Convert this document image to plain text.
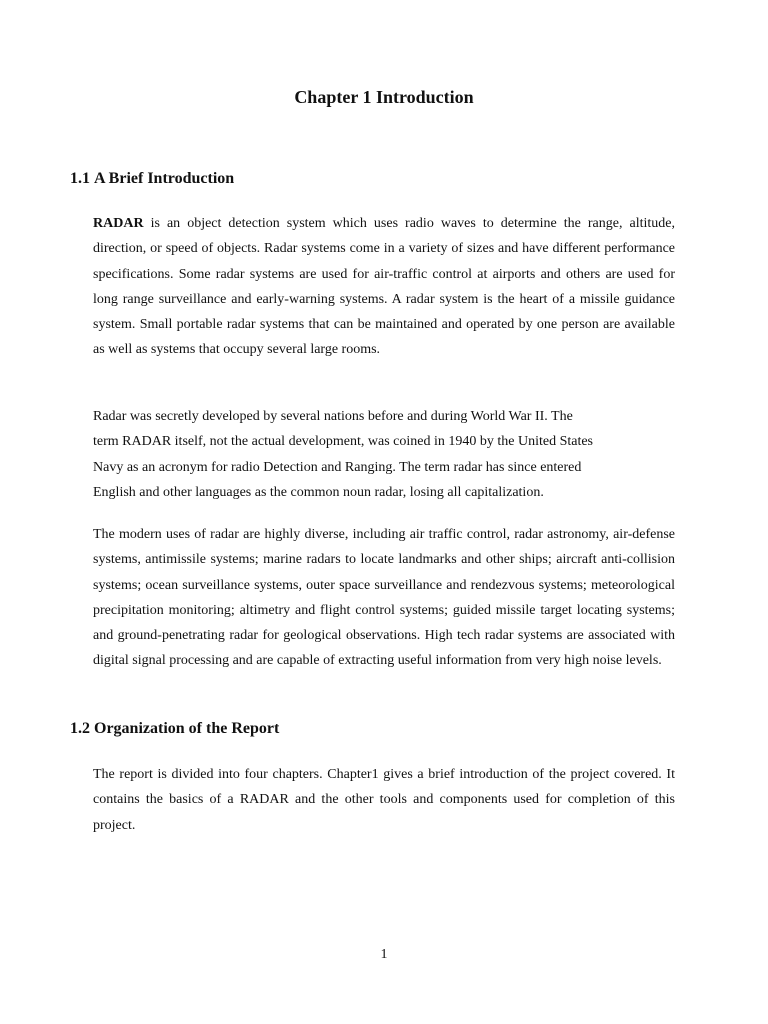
Chapter 1 Introduction
1.1 A Brief Introduction

RADAR is an object detection system which uses radio waves to determine the range, altitude, direction, or speed of objects. Radar systems come in a variety of sizes and have different performance specifications. Some radar systems are used for air-traffic control at airports and others are used for long range surveillance and early-warning systems. A radar system is the heart of a missile guidance system. Small portable radar systems that can be maintained and operated by one person are available as well as systems that occupy several large rooms.

Radar was secretly developed by several nations before and during World War II. The
term RADAR itself, not the actual development, was coined in 1940 by the United States
Navy as an acronym for radio Detection and Ranging. The term radar has since entered
English and other languages as the common noun radar, losing all capitalization.

The modern uses of radar are highly diverse, including air traffic control, radar astronomy, air-defense systems, antimissile systems; marine radars to locate landmarks and other ships; aircraft anti-collision systems; ocean surveillance systems, outer space surveillance and rendezvous systems; meteorological precipitation monitoring; altimetry and flight control systems; guided missile target locating systems; and ground-penetrating radar for geological observations. High tech radar systems are associated with digital signal processing and are capable of extracting useful information from very high noise levels.

1.2 Organization of the Report

The report is divided into four chapters. Chapter1 gives a brief introduction of the project covered. It contains the basics of a RADAR and the other tools and components used for completion of this project.

1
